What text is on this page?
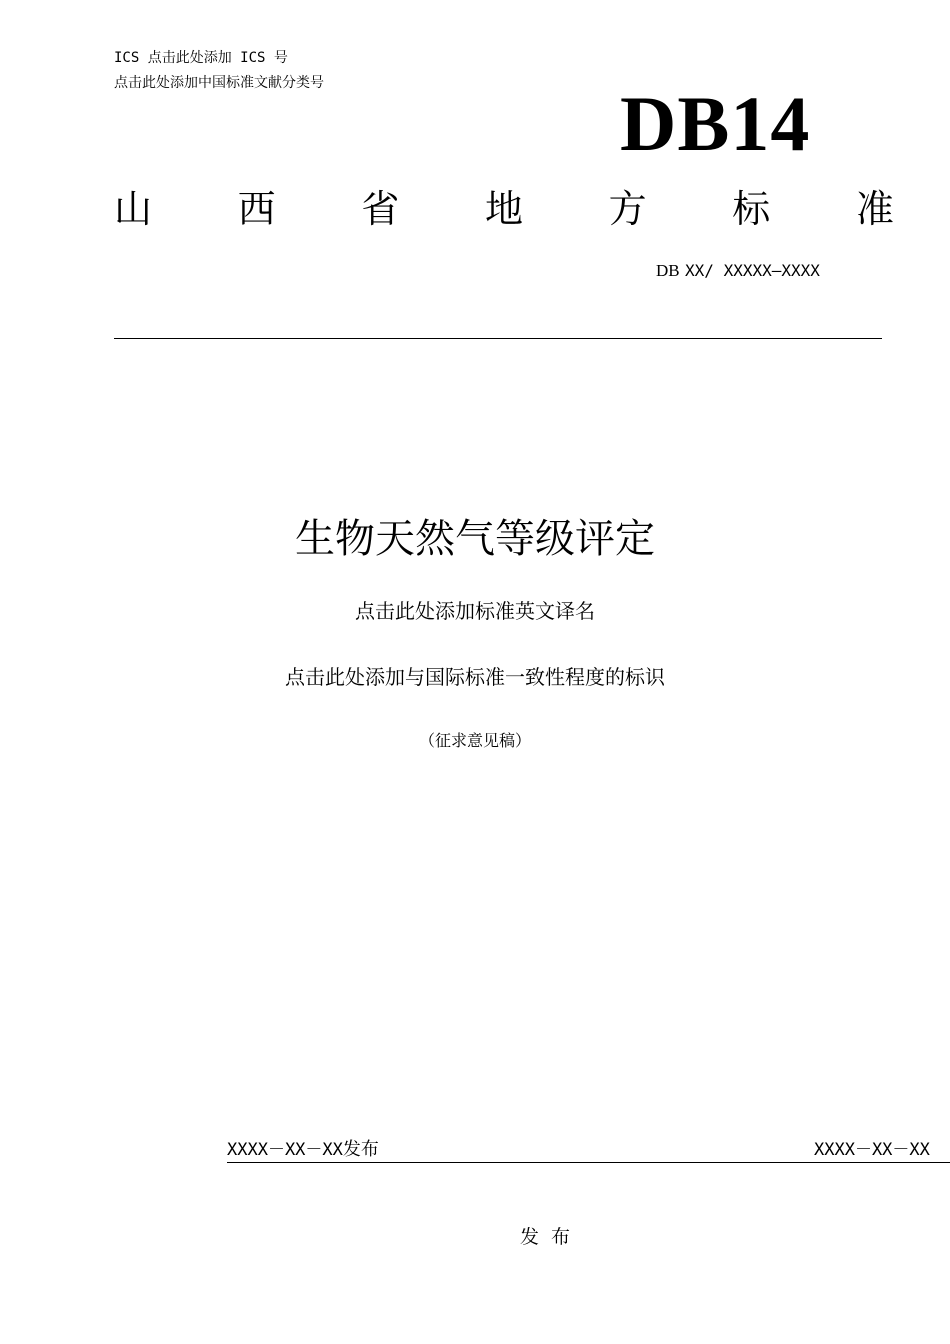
ICS 点击此处添加 ICS 号
点击此处添加中国标准文献分类号	DB14
山 西 省 地 方 标 准
DB XX/ XXXXX—XXXX
生物天然气等级评定
点击此处添加标准英文译名
点击此处添加与国际标准一致性程度的标识
（征求意见稿）
XXXX－XX－XX发布	XXXX－XX－XX
发布
